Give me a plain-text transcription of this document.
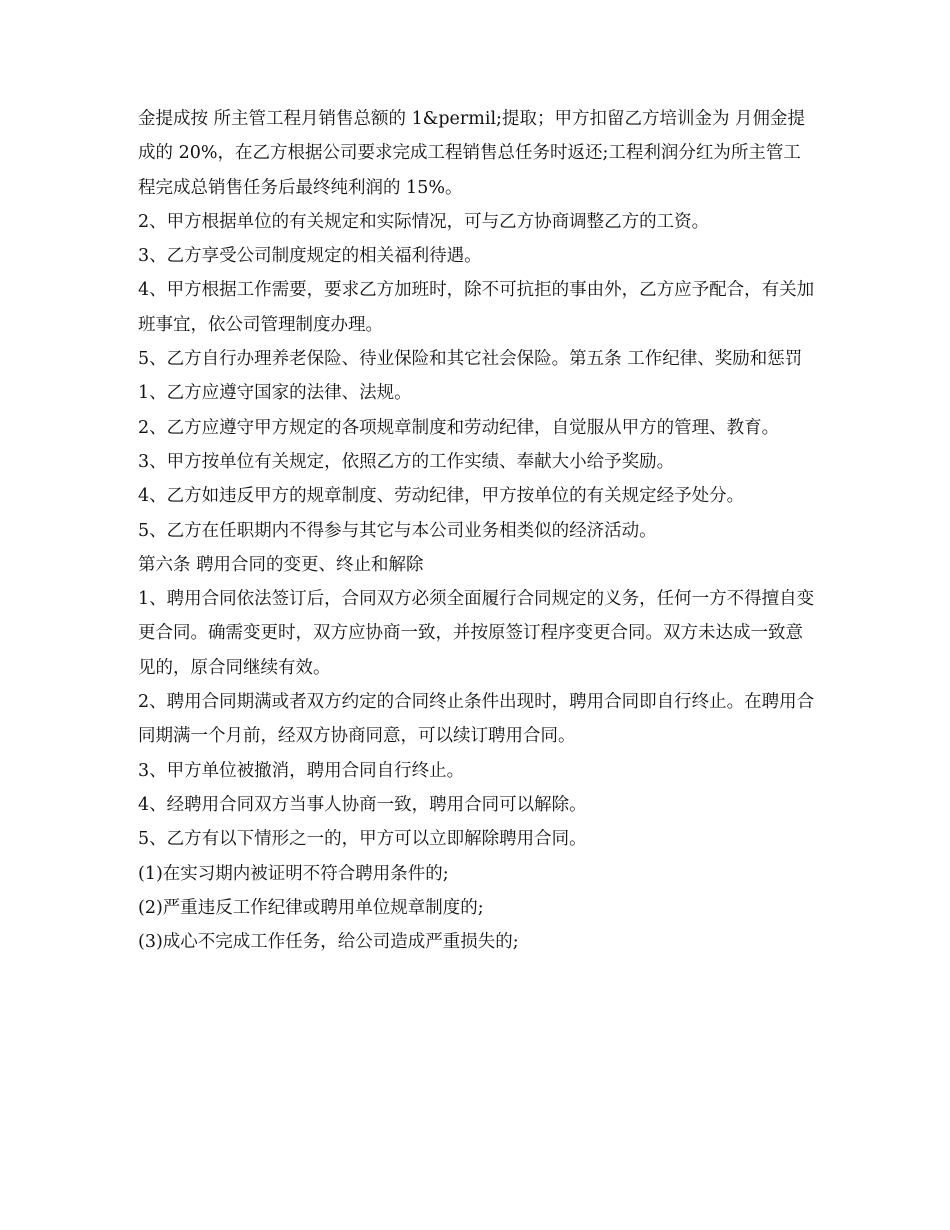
金提成按 所主管工程月销售总额的 1&permil;提取；甲方扣留乙方培训金为 月佣金提成的 20%，在乙方根据公司要求完成工程销售总任务时返还;工程利润分红为所主管工程完成总销售任务后最终纯利润的 15%。

2、甲方根据单位的有关规定和实际情况，可与乙方协商调整乙方的工资。

3、乙方享受公司制度规定的相关福利待遇。

4、甲方根据工作需要，要求乙方加班时，除不可抗拒的事由外，乙方应予配合，有关加班事宜，依公司管理制度办理。

5、乙方自行办理养老保险、待业保险和其它社会保险。第五条 工作纪律、奖励和惩罚

1、乙方应遵守国家的法律、法规。

2、乙方应遵守甲方规定的各项规章制度和劳动纪律，自觉服从甲方的管理、教育。

3、甲方按单位有关规定，依照乙方的工作实绩、奉献大小给予奖励。

4、乙方如违反甲方的规章制度、劳动纪律，甲方按单位的有关规定经予处分。

5、乙方在任职期内不得参与其它与本公司业务相类似的经济活动。

第六条 聘用合同的变更、终止和解除

1、聘用合同依法签订后，合同双方必须全面履行合同规定的义务，任何一方不得擅自变更合同。确需变更时，双方应协商一致，并按原签订程序变更合同。双方未达成一致意见的，原合同继续有效。

2、聘用合同期满或者双方约定的合同终止条件出现时，聘用合同即自行终止。在聘用合同期满一个月前，经双方协商同意，可以续订聘用合同。

3、甲方单位被撤消，聘用合同自行终止。

4、经聘用合同双方当事人协商一致，聘用合同可以解除。

5、乙方有以下情形之一的，甲方可以立即解除聘用合同。

(1)在实习期内被证明不符合聘用条件的;

(2)严重违反工作纪律或聘用单位规章制度的;

(3)成心不完成工作任务，给公司造成严重损失的;
